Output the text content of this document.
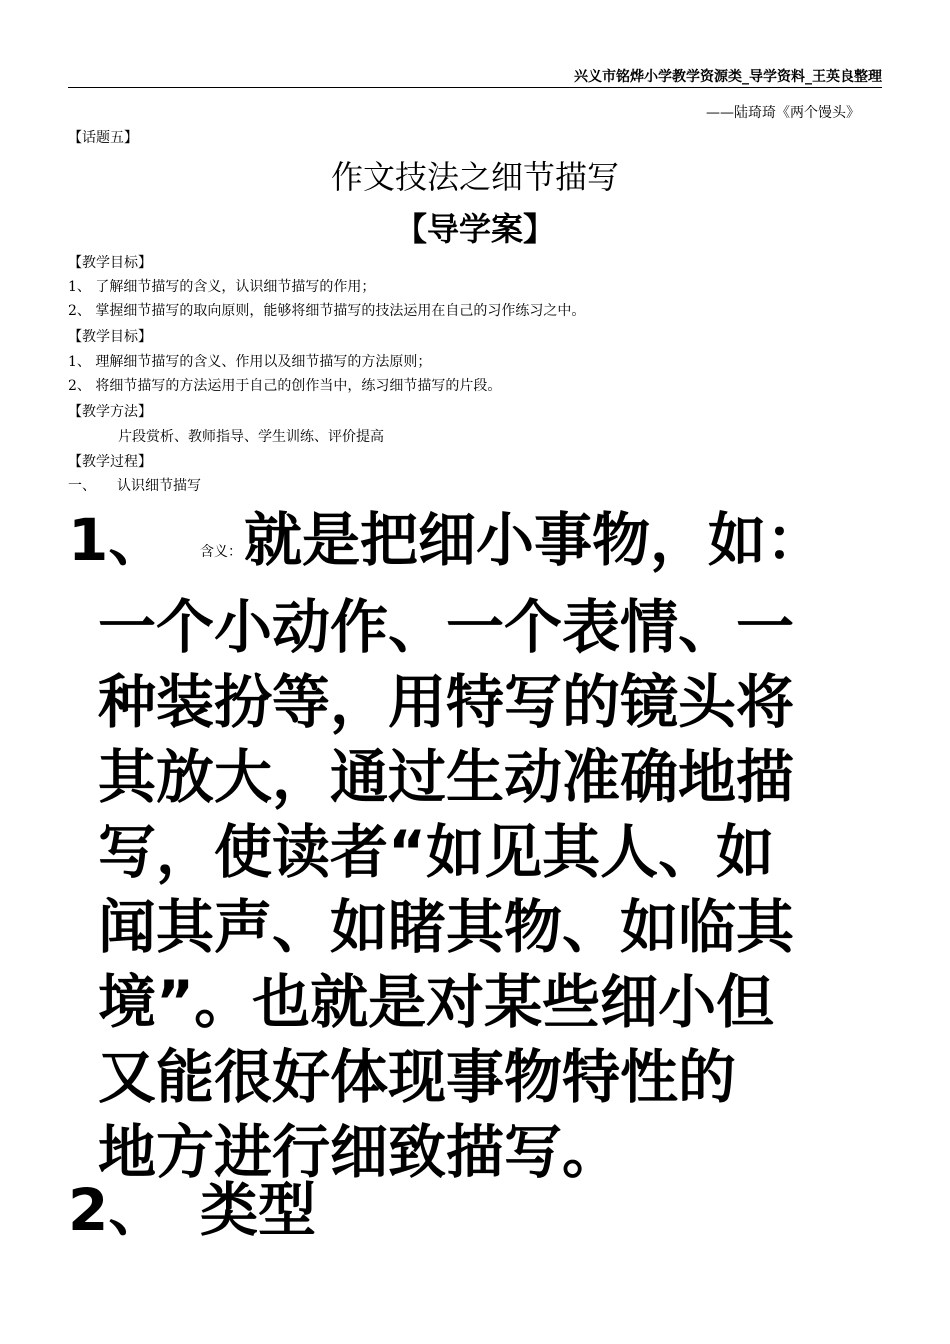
兴义市铭烨小学教学资源类_导学资料_王英良整理
——陆琦琦《两个馒头》
【话题五】
作文技法之细节描写
【导学案】
【教学目标】
1、 了解细节描写的含义，认识细节描写的作用；
2、 掌握细节描写的取向原则，能够将细节描写的技法运用在自己的习作练习之中。
【教学目标】
1、 理解细节描写的含义、作用以及细节描写的方法原则；
2、 将细节描写的方法运用于自己的创作当中，练习细节描写的片段。
【教学方法】
片段赏析、教师指导、学生训练、评价提高
【教学过程】
一、　　认识细节描写
1、 含义：就是把细小事物，如：
一个小动作、一个表情、一
种装扮等，用特写的镜头将
其放大，通过生动准确地描
写，使读者“如见其人、如
闻其声、如睹其物、如临其
境”。也就是对某些细小但
又能很好体现事物特性的
地方进行细致描写。
2、 类型
